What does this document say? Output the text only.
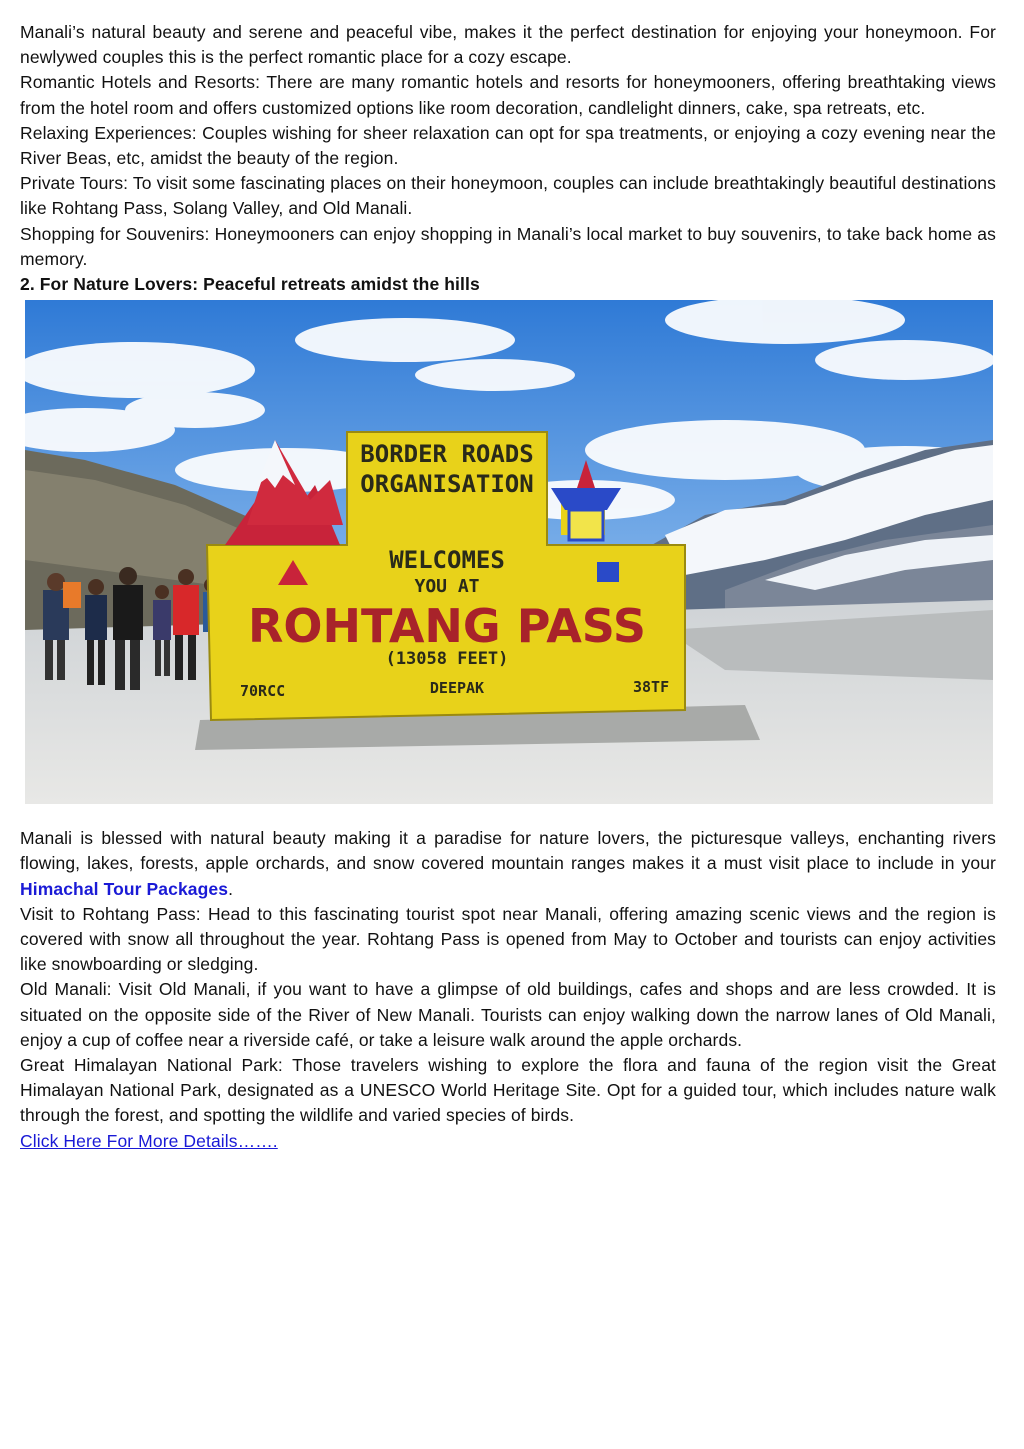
Manali’s natural beauty and serene and peaceful vibe, makes it the perfect destination for enjoying your honeymoon. For newlywed couples this is the perfect romantic place for a cozy escape.

Romantic Hotels and Resorts: There are many romantic hotels and resorts for honeymooners, offering breathtaking views from the hotel room and offers customized options like room decoration, candlelight dinners, cake, spa retreats, etc.

Relaxing Experiences: Couples wishing for sheer relaxation can opt for spa treatments, or enjoying a cozy evening near the River Beas, etc, amidst the beauty of the region.

Private Tours: To visit some fascinating places on their honeymoon, couples can include breathtakingly beautiful destinations like Rohtang Pass, Solang Valley, and Old Manali.

Shopping for Souvenirs: Honeymooners can enjoy shopping in Manali’s local market to buy souvenirs, to take back home as memory.

2. For Nature Lovers: Peaceful retreats amidst the hills

BORDER ROADS
ORGANISATION
WELCOMES
YOU AT
ROHTANG PASS
(13058 FEET)
70RCC	DEEPAK	38TF

Manali is blessed with natural beauty making it a paradise for nature lovers, the picturesque valleys, enchanting rivers flowing, lakes, forests, apple orchards, and snow covered mountain ranges makes it a must visit place to include in your Himachal Tour Packages.

Visit to Rohtang Pass: Head to this fascinating tourist spot near Manali, offering amazing scenic views and the region is covered with snow all throughout the year. Rohtang Pass is opened from May to October and tourists can enjoy activities like snowboarding or sledging.

Old Manali: Visit Old Manali, if you want to have a glimpse of old buildings, cafes and shops and are less crowded. It is situated on the opposite side of the River of New Manali. Tourists can enjoy walking down the narrow lanes of Old Manali, enjoy a cup of coffee near a riverside café, or take a leisure walk around the apple orchards.

Great Himalayan National Park: Those travelers wishing to explore the flora and fauna of the region visit the Great Himalayan National Park, designated as a UNESCO World Heritage Site. Opt for a guided tour, which includes nature walk through the forest, and spotting the wildlife and varied species of birds.

Click Here For More Details…….
